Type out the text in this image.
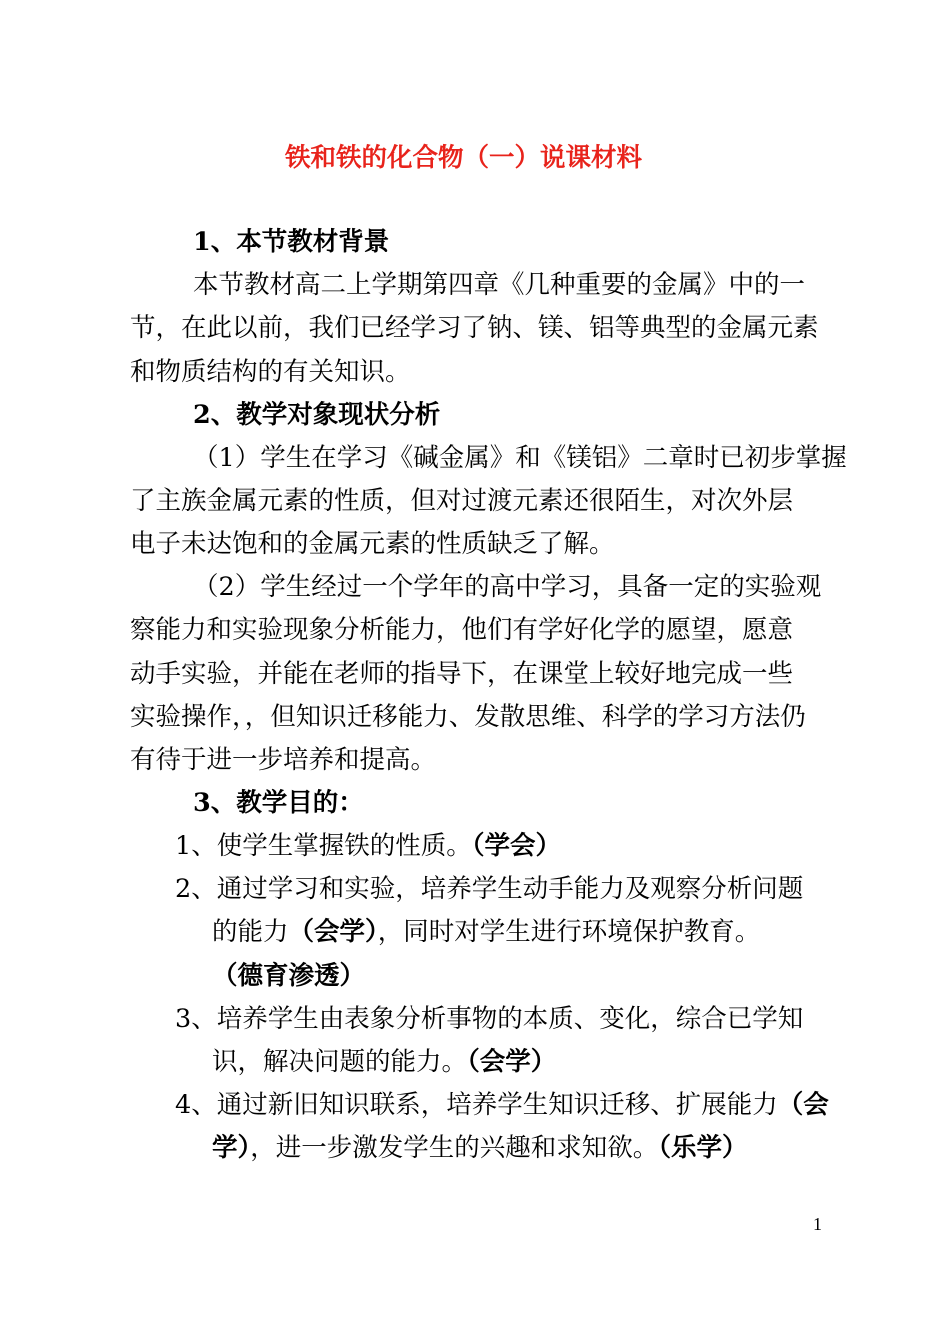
铁和铁的化合物（一）说课材料
1、本节教材背景
本节教材高二上学期第四章《几种重要的金属》中的一
节，在此以前，我们已经学习了钠、镁、铝等典型的金属元素
和物质结构的有关知识。
2、教学对象现状分析
（1）学生在学习《碱金属》和《镁铝》二章时已初步掌握
了主族金属元素的性质，但对过渡元素还很陌生，对次外层
电子未达饱和的金属元素的性质缺乏了解。
（2）学生经过一个学年的高中学习，具备一定的实验观
察能力和实验现象分析能力，他们有学好化学的愿望，愿意
动手实验，并能在老师的指导下，在课堂上较好地完成一些
实验操作，，但知识迁移能力、发散思维、科学的学习方法仍
有待于进一步培养和提高。
3、教学目的：
1、使学生掌握铁的性质。（学会）
2、通过学习和实验，培养学生动手能力及观察分析问题
的能力（会学），同时对学生进行环境保护教育。
（德育渗透）
3、培养学生由表象分析事物的本质、变化，综合已学知
识，解决问题的能力。（会学）
4、通过新旧知识联系，培养学生知识迁移、扩展能力（会
学），进一步激发学生的兴趣和求知欲。（乐学）
1
